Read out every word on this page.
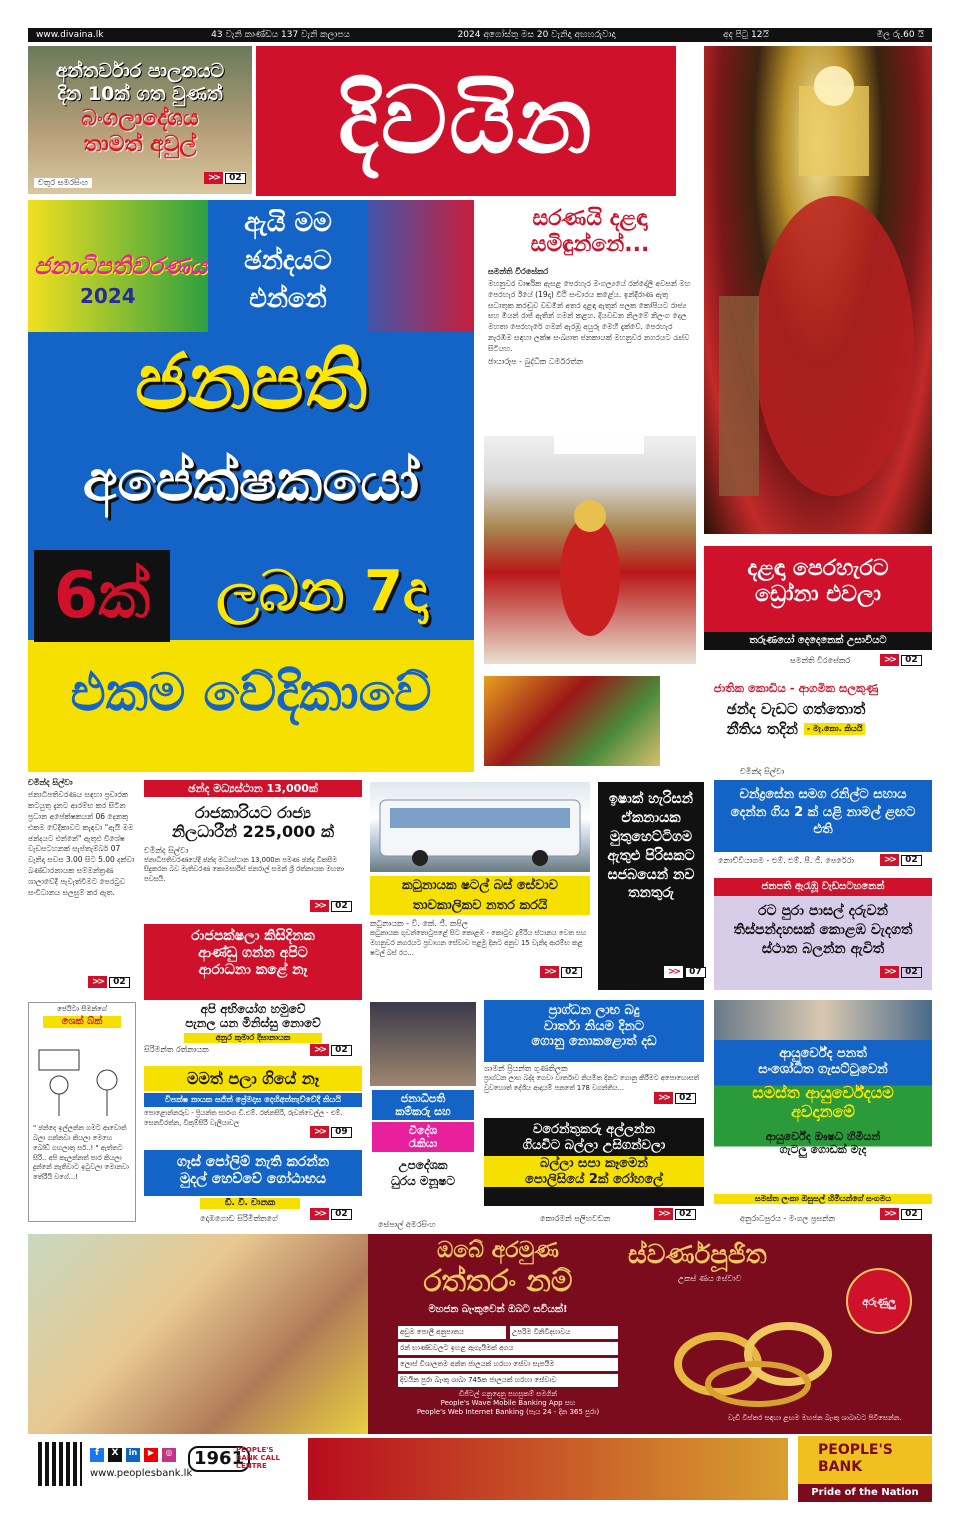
www.divaina.lk	43 වැනි කාණ්ඩය 137 වැනි කලාපය	2024 අගෝස්තු මස 20 වැනිදා අඟහරුවාදා	අද පිටු 12යි	මිල රු.60 යි
අන්තර්වාර පාලනයට
දින 10ක් ගත වුණත්
බංගලාදේශය
තාමත් අවුල්
චතුර සමරසිංහ	>>	02
දිවයින
ජනාධිපතිවරණය
2024
ඇයි මම
ඡන්දයට
එන්නේ
ජනපති
අපේක්ෂකයෝ
6ක්	ලබන 7දා
එකම වේදිකාවේ
සරණයි දළඳා
සමිඳුන්නේ...
සමන්ති වීරසේකර
මහනුවර වාර්ෂික ඇසළ පෙරහැර මංගල්‍යයේ රන්දෝලි අවසන් මහ පෙරහැර ඊයේ (19දා) වීථි සංචාරය කළේය. ඉන්දීරාණ ඇතු සධාතුක කරඬුව වඩමින් අතර දළඳා ඇතුන් පලක කෝපියට රාජ්‍ය සහ මියන් රාජ් ඇතින් ගමන් කළහ. දියවඩන නිලමේ නිලංග දෙල මහතා පෙරහැරේ ගමන් ඇරඹූ අයුරු මෙහි දැක්වේ. පෙරහැර නැරඹීම සඳහා ලක්ෂ සංඛ්‍යාත ජනකායක් මහනුවර නගරයට රැස්ව සිටියහ.
ඡායාරූප - බුද්ධික ධර්මරත්න
දළඳා පෙරහැරට
ඩ්‍රෝනා එවලා
තරුණයෝ දෙදෙනෙක් උසාවියට
සමන්ති වීරසේකර	>>	02
ජාතික කොඩිය - ආගමික සලකුණු
ඡන්ද වැඩට ගත්තොත්
නීතිය තදින්	- මැ.කො. කියයි
චමින්ද සිල්වා
චමින්ද සිල්වා
ජනාධිපතිවරණය සඳහා ප්‍රචාරක කටයුතු දැනට ආරම්භ කර සිටින ප්‍රධාන අපේක්ෂකයන් 06 දෙනකු එකම වේදිකාවට කැඳවා "ඇයි මම ඡන්දයට එන්නේ" ඇතුළු විශේෂ වැඩසටහනක් සැප්තැම්බර් 07 වැනිදා සවස 3.00 සිට 5.00 දක්වා බණ්ඩාරනායක සම්මන්ත්‍රණ ශාලාවේදී පැවැත්වීමට පෙරටුව සංවිධානය සලසුම් කර ඇත.
>>	02
ඡන්ද මධ්‍යස්ථාන 13,000ක්
රාජකාරියට රාජ්‍ය
නිලධාරීන් 225,000 ක්
චමින්ද සිල්වා
ජනාධිපතිවරණයේදී ඡන්ද මධ්‍යස්ථාන 13,000ක පමණ ඡන්ද විකසීම සිදුකරන බව මැතිවරණ කොමසාරිස් ජනරාල් සමන් ශ්‍රී රත්නායක මහතා පවසයි.
>>	02
රාජපක්ෂලා කිසිදිනක
ආණ්ඩු ගන්න අපිට
ආරාධනා කළේ නෑ
අපි අභියෝග හමුවේ
පැනල යන මිනිස්සු නොවේ
අනුර කුමාර දිසානායක
සිරිමන්ත රත්නායක	>>	02
කටුනායක ෂටල් බස් සේවාව
තාවකාලිකව නතර කරයි
කටුනායක - වී. කේ. ජී. කපිල
කටුනායක ගුවන්තොටුපළේ සිට කොළඹ - කොටුව දුම්රිය ස්ථානය වෙත සහ මහනුවර නගරයට ප්‍රවාහන සේවාව පළමු දිනට අනුව 15 වැනිදා ආරම්භ කළ ෂටල් බස් රථ...
>>	02
ඉෂාක් හැරිසන් ඒකනායක මුතුහෙට්ටිගම ඇතුළු පිරිසකට සජබයෙන් නව තනතුරු
>>	07
චන්ද්‍රසේන සමග රනිල්ට සහාය දෙන්න ගිය 2 ක් යළි නාමල් ළඟට එති
නොච්චියාගම - එම්. එම්. පී. ජී. පෙරේරා	>>	02
ජනපති ඇරැඹූ වැඩසටහනෙන්
රට පුරා පාසල් දරුවන් තිස්පන්දහසක් කොළඹ වැදගත් ස්ථාන බලන්න ඇවිත්
>>	02
ජෙයිටා සිමන්ගේ
ශෙක් බ්ක්
" ඡන්දෙ ඉල්ලන්න ගමට ආවොත් බලා ගන්නවා කියලා මෙහෙ බෝඩ් ගහලාතු සර්..! " ඇත්තට සිරි.. අපි කැලන්නත් පාර කියලා දුන්නේ නැතිවාට ඉටුවලා මොනවා තේරීයි වගේ...!
මමත් පලා ගියේ නෑ
විපක්ෂ නායක සජිත් ප්‍රේමදාස දෙහිඅත්තැව්වේදී කියයි
පොළොන්නරුව - ප්‍රියන්ත සාරංග ඩී.එම්. රත්නසිරි, රුවන්වෙල්ල - එම්. සෙනවිරත්න, විකුම්සිරි වැලියාවල
>>	09
ගෑස් පෝලිම් නැති කරන්න
මුදල් හෙව්වේ ගෝඨාභය
ඩී. වී. චානක
දොඹගොඩ සිරිමිත්තගේ	>>	02
ජනාධිපති
කම්කරු සහ
විදේශ
රැකියා
උපදේශක
ධුරය මනූෂට
සේපාල් අමරසිංහ
ප්‍රාග්ධන ලාභ බදු
වාර්තා නියම දිනට
ගොනු නොකළොත් දඩ
ශාමන් ප්‍රියන්ත ගුණතිලක
ප්‍රාග්ධන ලාභ බද්ද ගෙවා වාර්තාව නියමිත දිනට ගොනු කිරීමට අපොහොසත් වුවහොත් දේශීය ආදායම් පනතේ 178 වගන්තිය...
>>	02
වරෙන්තුකරු අල්ලන්න
ගියවිට බල්ලා උසිගන්වලා
බල්ලා සපා කෑමෙන්
පොලිසියේ 2ක් රෝහලේ
කොරමන් පලිහවඩන	>>	02
ආයුර්වේද පනත්
සංශෝධිත ගැසට්ටුවෙන්
සමස්ත ආයුර්වේදයම
අවදානමේ
ආයුර්වේද ඖෂධ හිමියන්
ගැටලු ගොඩක් මැද
සමස්ත ලංකා ඔසුසල් හිමියන්ගේ සංගමය
අනුරාධපුරය - මංගල ප්‍රසන්න	>>	02
ඔබේ අරමුණ
රත්තරං නම්
මහජන බැංකුවෙන් ඔබට සවියක්!
ස්වර්ණපූජිත
උකස් ණය සේවාව
අරුණුලු
අඩුම පොලී අනුපාතය	උපරිම විනිවිදභාවය
රන් භාණ්ඩවලට ඉහළ ඇගැයීමක් අගය
ලොස් විශාලතම අන්ත ජාලයක් හරහා සේවා සැපයීම
දිවයින පුරා බැංකු ශාඛා 745ක ජාලයක් හරහා සේවාව
ඩිජිටල් ගනුදෙනු පහසුකම් සමගින්
People's Wave Mobile Banking App සහ
People's Web Internet Banking (පැය 24 - දින 365 පුරා)
වැඩි විස්තර සඳහා ළඟම මහජන බැංකු ශාඛාවට පිවිසෙන්න.
f	X	in	▶	◎
www.peoplesbank.lk
1961
PEOPLE'S BANK CALL CENTRE
PEOPLE'S BANK
Pride of the Nation
